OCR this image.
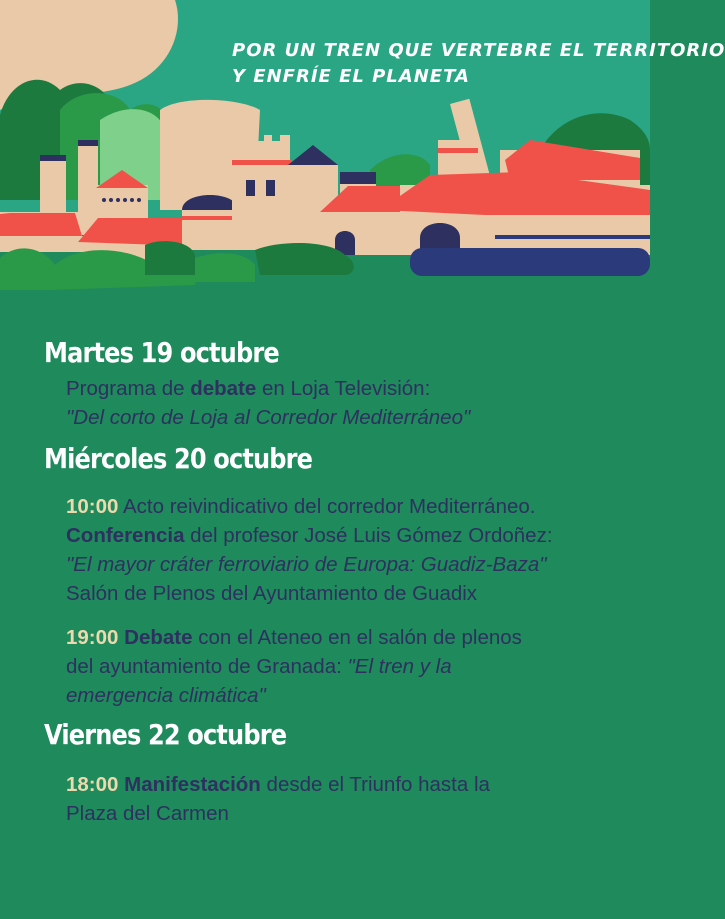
POR UN TREN QUE VERTEBRE EL TERRITORIO
Y ENFRÍE EL PLANETA
Martes 19 octubre
Programa de debate en Loja Televisión:
"Del corto de Loja al Corredor Mediterráneo"
Miércoles 20 octubre
10:00 Acto reivindicativo del corredor Mediterráneo.
Conferencia del profesor José Luis Gómez Ordoñez:
"El mayor cráter ferroviario de Europa: Guadiz-Baza"
Salón de Plenos del Ayuntamiento de Guadix
19:00 Debate con el Ateneo en el salón de plenos
del ayuntamiento de Granada: "El tren y la
emergencia climática"
Viernes 22 octubre
18:00 Manifestación desde el Triunfo hasta la
Plaza del Carmen
